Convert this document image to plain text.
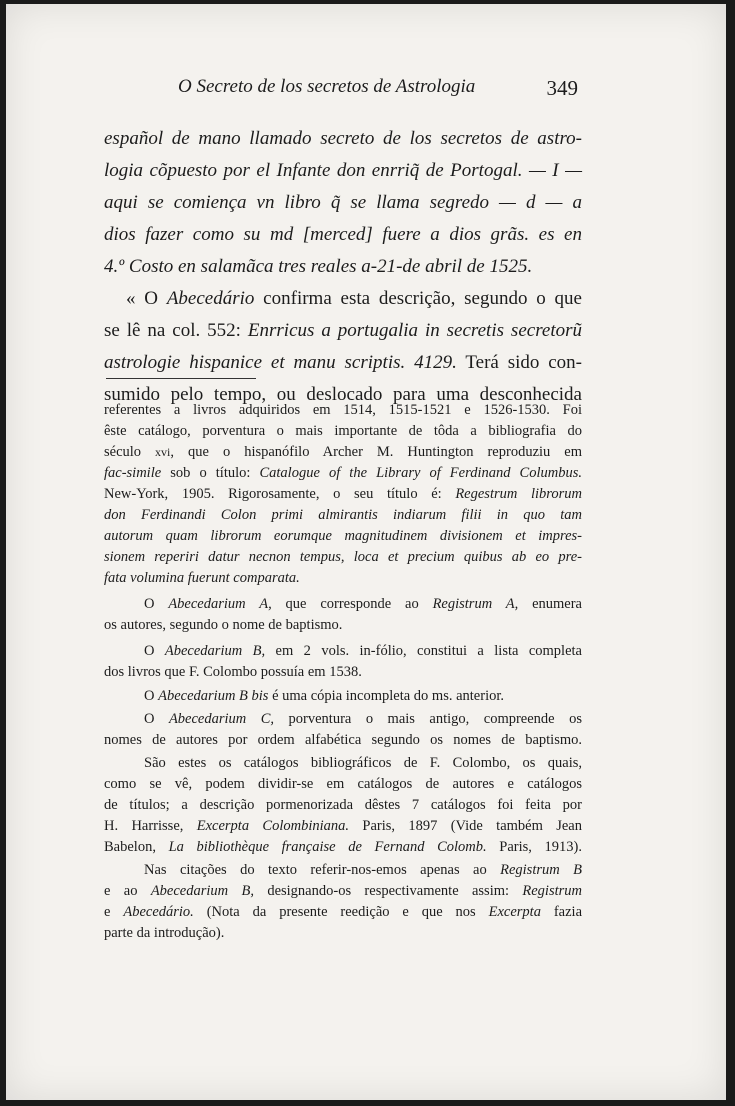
O Secreto de los secretos de Astrologia	349
español de mano llamado secreto de los secretos de astro-
logia cõpuesto por el Infante don enrriq̃ de Portogal. — I —
aqui se comiença vn libro q̃ se llama segredo — d — a
dios fazer como su md [merced] fuere a dios grãs. es en
4.º Costo en salamãca tres reales a-21-de abril de 1525.
« O Abecedário confirma esta descrição, segundo o que
se lê na col. 552: Enrricus a portugalia in secretis secretorũ
astrologie hispanice et manu scriptis. 4129. Terá sido con-
sumido pelo tempo, ou deslocado para uma desconhecida
referentes a livros adquiridos em 1514, 1515-1521 e 1526-1530. Foi
êste catálogo, porventura o mais importante de tôda a bibliografia do
século xvi, que o hispanófilo Archer M. Huntington reproduziu em
fac-simile sob o título: Catalogue of the Library of Ferdinand Columbus.
New-York, 1905. Rigorosamente, o seu título é: Regestrum librorum
don Ferdinandi Colon primi almirantis indiarum filii in quo tam
autorum quam librorum eorumque magnitudinem divisionem et impres-
sionem reperiri datur necnon tempus, loca et precium quibus ab eo pre-
fata volumina fuerunt comparata.
O Abecedarium A, que corresponde ao Registrum A, enumera
os autores, segundo o nome de baptismo.
O Abecedarium B, em 2 vols. in-fólio, constitui a lista completa
dos livros que F. Colombo possuía em 1538.
O Abecedarium B bis é uma cópia incompleta do ms. anterior.
O Abecedarium C, porventura o mais antigo, compreende os
nomes de autores por ordem alfabética segundo os nomes de baptismo.
São estes os catálogos bibliográficos de F. Colombo, os quais,
como se vê, podem dividir-se em catálogos de autores e catálogos
de títulos; a descrição pormenorizada dêstes 7 catálogos foi feita por
H. Harrisse, Excerpta Colombiniana. Paris, 1897 (Vide também Jean
Babelon, La bibliothèque française de Fernand Colomb. Paris, 1913).
Nas citações do texto referir-nos-emos apenas ao Registrum B
e ao Abecedarium B, designando-os respectivamente assim: Registrum
e Abecedário. (Nota da presente reedição e que nos Excerpta fazia
parte da introdução).
